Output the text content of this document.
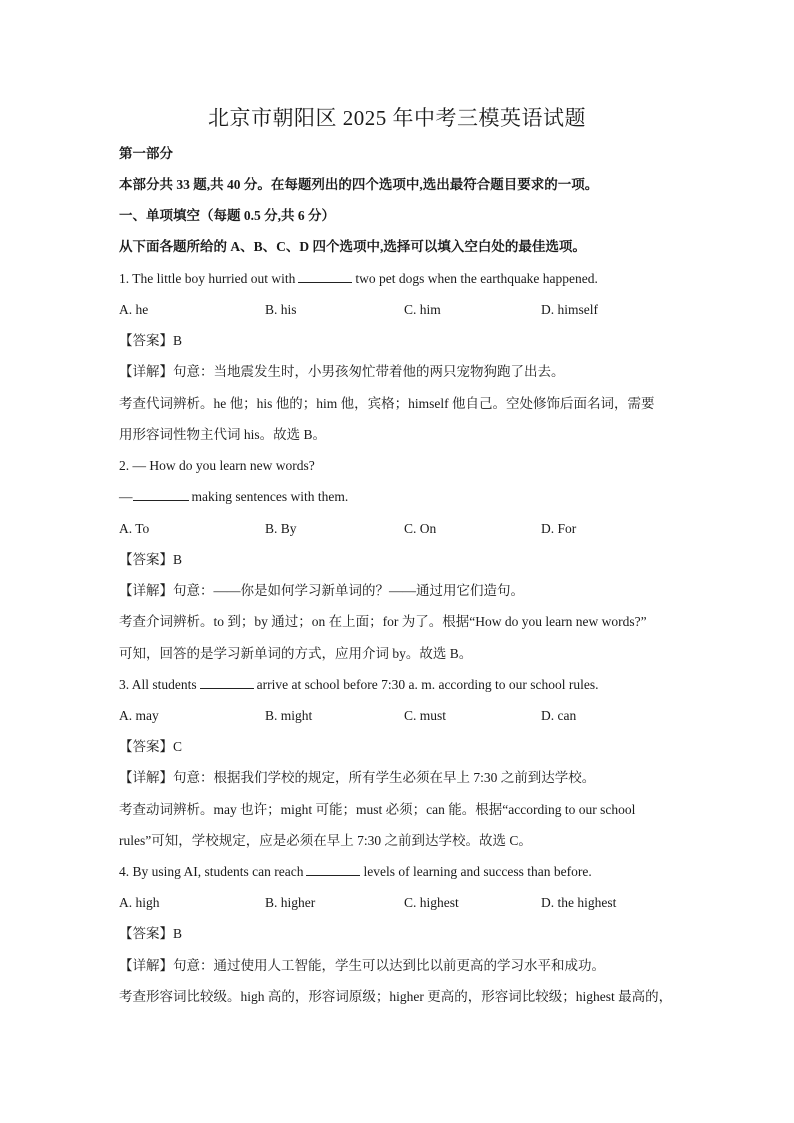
北京市朝阳区 2025 年中考三模英语试题
第一部分
本部分共 33 题,共 40 分。在每题列出的四个选项中,选出最符合题目要求的一项。
一、单项填空（每题 0.5 分,共 6 分）
从下面各题所给的 A、B、C、D 四个选项中,选择可以填入空白处的最佳选项。
1. The little boy hurried out with	two pet dogs when the earthquake happened.
A. he	B. his	C. him	D. himself
【答案】B
【详解】句意：当地震发生时，小男孩匆忙带着他的两只宠物狗跑了出去。
考查代词辨析。he 他；his 他的；him 他，宾格；himself 他自己。空处修饰后面名词，需要
用形容词性物主代词 his。故选 B。
2. — How do you learn new words?
—	making sentences with them.
A. To	B. By	C. On	D. For
【答案】B
【详解】句意：——你是如何学习新单词的？——通过用它们造句。
考查介词辨析。to 到；by 通过；on 在上面；for 为了。根据“How do you learn new words?”
可知，回答的是学习新单词的方式，应用介词 by。故选 B。
3. All students	arrive at school before 7:30 a. m. according to our school rules.
A. may	B. might	C. must	D. can
【答案】C
【详解】句意：根据我们学校的规定，所有学生必须在早上 7:30 之前到达学校。
考查动词辨析。may 也许；might 可能；must 必须；can 能。根据“according to our school
rules”可知，学校规定，应是必须在早上 7:30 之前到达学校。故选 C。
4. By using AI, students can reach	levels of learning and success than before.
A. high	B. higher	C. highest	D. the highest
【答案】B
【详解】句意：通过使用人工智能，学生可以达到比以前更高的学习水平和成功。
考查形容词比较级。high 高的，形容词原级；higher 更高的，形容词比较级；highest 最高的，
